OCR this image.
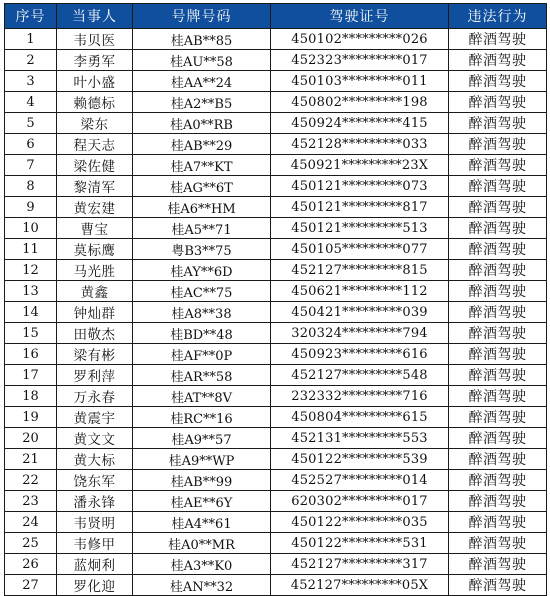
序号	当事人	号牌号码	驾驶证号	违法行为
1	韦贝医	桂AB**85	450102*********026	醉酒驾驶
2	李勇军	桂AU**58	452323*********017	醉酒驾驶
3	叶小盛	桂AA**24	450103*********011	醉酒驾驶
4	赖德标	桂A2**B5	450802*********198	醉酒驾驶
5	梁东	桂A0**RB	450924*********415	醉酒驾驶
6	程天志	桂AB**29	452128*********033	醉酒驾驶
7	梁佐健	桂A7**KT	450921*********23X	醉酒驾驶
8	黎清军	桂AG**6T	450121*********073	醉酒驾驶
9	黄宏建	桂A6**HM	450121*********817	醉酒驾驶
10	曹宝	桂A5**71	450121*********513	醉酒驾驶
11	莫标鹰	粤B3**75	450105*********077	醉酒驾驶
12	马光胜	桂AY**6D	452127*********815	醉酒驾驶
13	黄鑫	桂AC**75	450621*********112	醉酒驾驶
14	钟灿群	桂A8**38	450421*********039	醉酒驾驶
15	田敬杰	桂BD**48	320324*********794	醉酒驾驶
16	梁有彬	桂AF**0P	450923*********616	醉酒驾驶
17	罗利萍	桂AR**58	452127*********548	醉酒驾驶
18	万永春	桂AT**8V	232332*********716	醉酒驾驶
19	黄震宇	桂RC**16	450804*********615	醉酒驾驶
20	黄文文	桂A9**57	452131*********553	醉酒驾驶
21	黄大标	桂A9**WP	450122*********539	醉酒驾驶
22	饶东军	桂AB**99	452527*********014	醉酒驾驶
23	潘永锋	桂AE**6Y	620302*********017	醉酒驾驶
24	韦贤明	桂A4**61	450122*********035	醉酒驾驶
25	韦修甲	桂A0**MR	450122*********531	醉酒驾驶
26	蓝炯利	桂A3**K0	452127*********317	醉酒驾驶
27	罗化迎	桂AN**32	452127*********05X	醉酒驾驶
